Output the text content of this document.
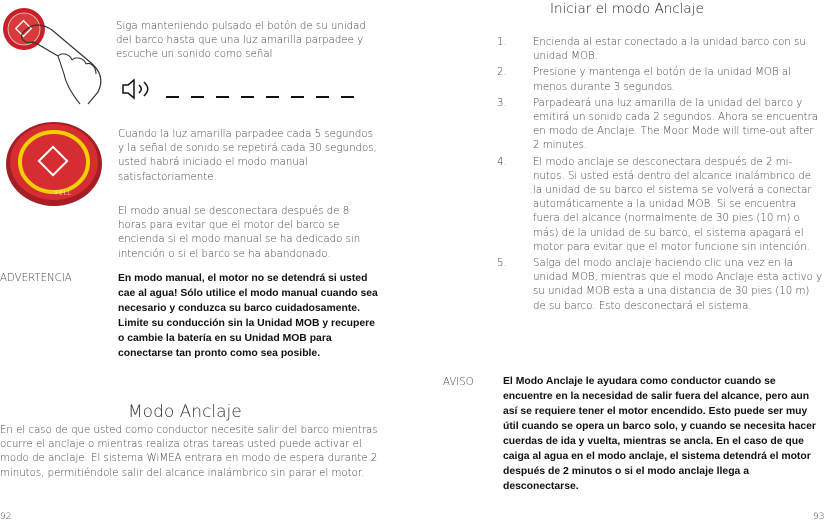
Siga manteniendo pulsado el botón de su unidad del barco hasta que una luz amarilla parpadee y escuche un sonido como señal
FELL
Cuando la luz amarilla parpadee cada 5 segundos y la señal de sonido se repetirá cada 30 segundos, usted habrá iniciado el modo manual satisfactoriamente.
El modo anual se desconectara después de 8 horas para evitar que el motor del barco se encienda si el modo manual se ha dedicado sin intención o si el barco se ha abandonado.
ADVERTENCIA	En modo manual, el motor no se detendrá si usted cae al agua! Sólo utilice el modo manual cuando sea necesario y conduzca su barco cuidadosamente. Limite su conducción sin la Unidad MOB y recupere o cambie la batería en su Unidad MOB para conectarse tan pronto como sea posible.
Modo Anclaje
En el caso de que usted como conductor necesite salir del barco mientras ocurre el anclaje o mientras realiza otras tareas usted puede activar el modo de anclaje. El sistema WiMEA entrara en modo de espera durante 2 minutos, permitiéndole salir del alcance inalámbrico sin parar el motor.
92
Iniciar el modo Anclaje
1.	Encienda al estar conectado a la unidad barco con su unidad MOB.
2.	Presione y mantenga el botón de la unidad MOB al menos durante 3 segundos.
3.	Parpadeará una luz amarilla de la unidad del barco y emitirá un sonido cada 2 segundos. Ahora se encuentra en modo de Anclaje. The Moor Mode will time-out after 2 minutes.
4.	El modo anclaje se desconectara después de 2 mi-nutos. Si usted está dentro del alcance inalámbrico de la unidad de su barco el sistema se volverá a conectar automáticamente a la unidad MOB. Si se encuentra fuera del alcance (normalmente de 30 pies (10 m) o más) de la unidad de su barco, el sistema apagará el motor para evitar que el motor funcione sin intención.
5.	Salga del modo anclaje haciendo clic una vez en la unidad MOB, mientras que el modo Anclaje esta activo y su unidad MOB esta a una distancia de 30 pies (10 m) de su barco. Esto desconectará el sistema.
AVISO	El Modo Anclaje le ayudara como conductor cuando se encuentre en la necesidad de salir fuera del alcance, pero aun así se requiere tener el motor encendido. Esto puede ser muy útil cuando se opera un barco solo, y cuando se necesita hacer cuerdas de ida y vuelta, mientras se ancla. En el caso de que caiga al agua en el modo anclaje, el sistema detendrá el motor después de 2 minutos o si el modo anclaje llega a desconectarse.
93
